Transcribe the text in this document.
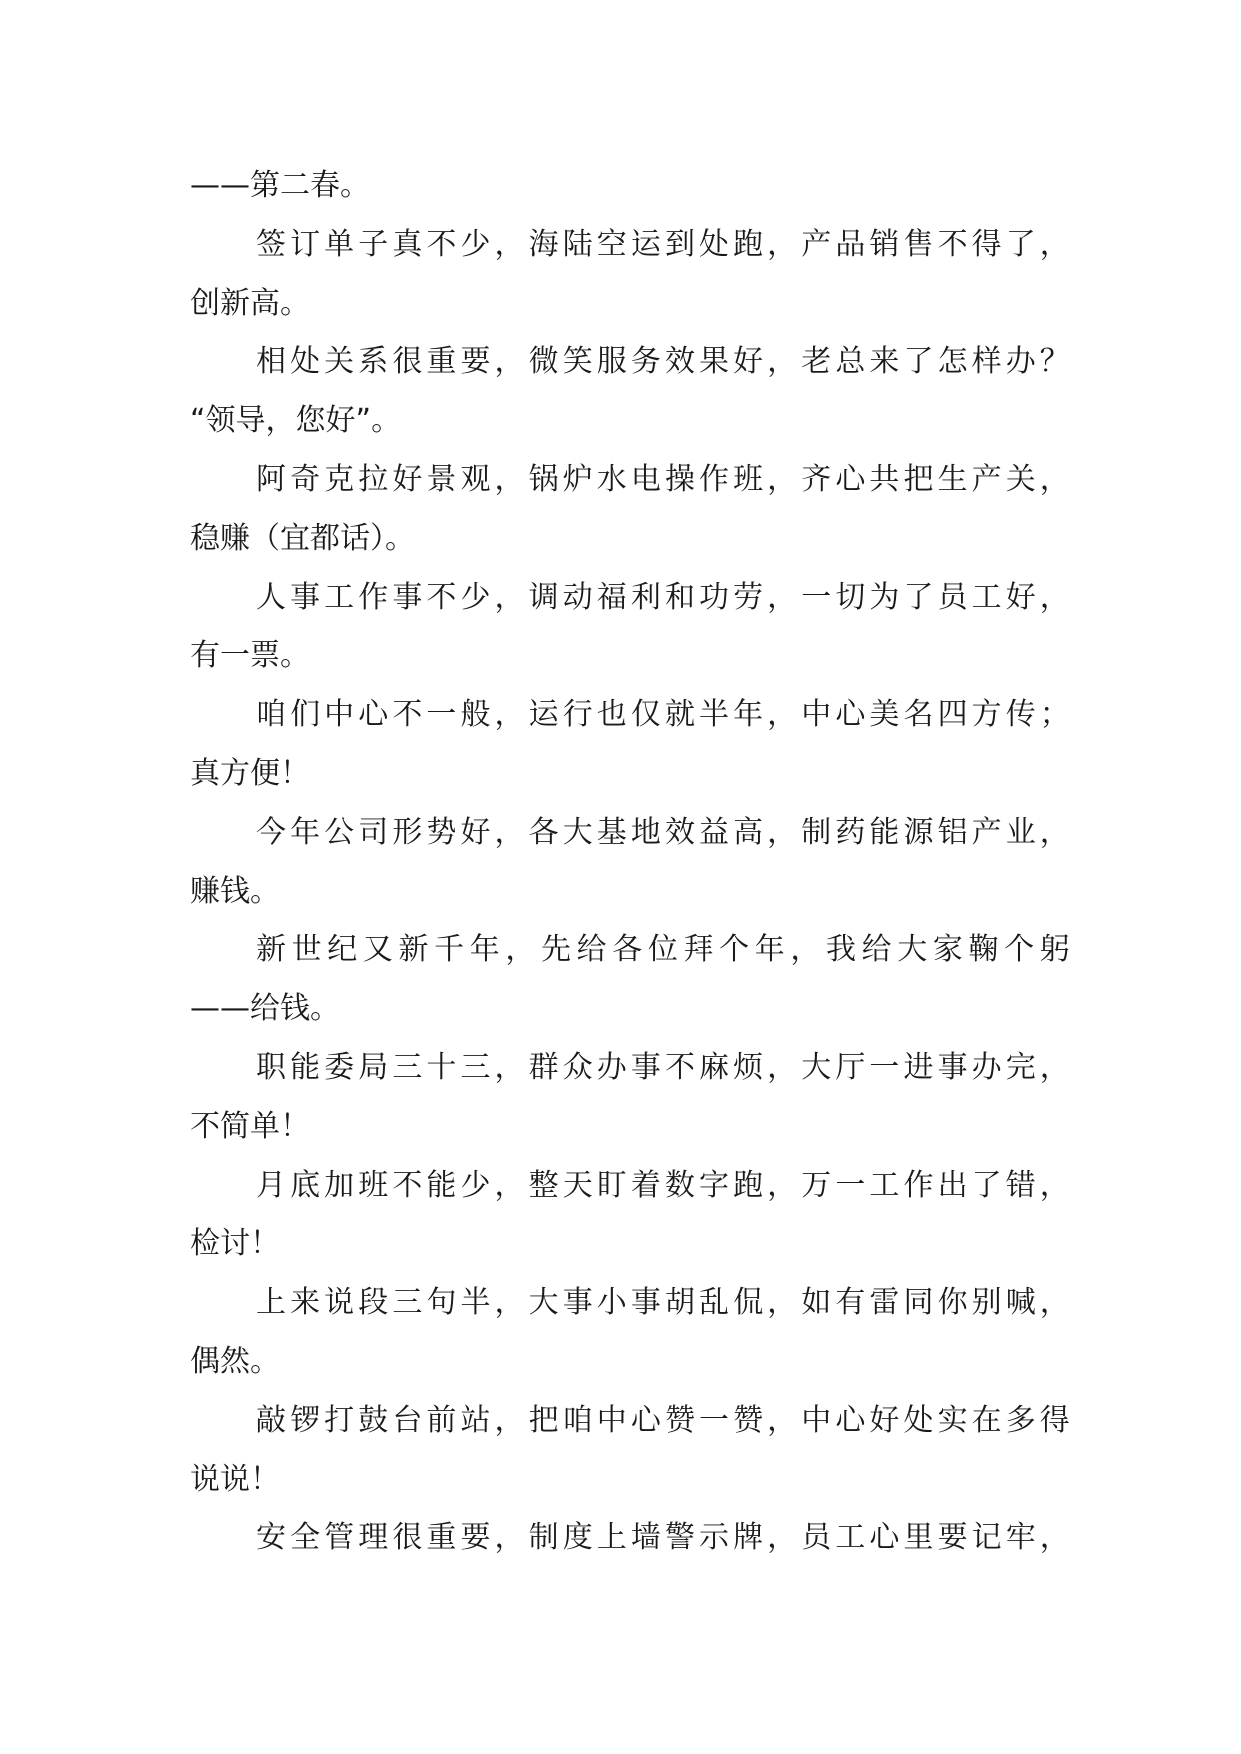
——第二春。
签 订 单 子 真 不 少 ， 海 陆 空 运 到 处 跑 ， 产 品 销 售 不 得 了 ，
创新高。
相 处 关 系 很 重 要 ， 微 笑 服 务 效 果 好 ， 老 总 来 了 怎 样 办 ？
“领导，您好”。
阿 奇 克 拉 好 景 观 ， 锅 炉 水 电 操 作 班 ， 齐 心 共 把 生 产 关 ，
稳赚（宜都话）。
人 事 工 作 事 不 少 ， 调 动 福 利 和 功 劳 ， 一 切 为 了 员 工 好 ，
有一票。
咱 们 中 心 不 一 般 ， 运 行 也 仅 就 半 年 ， 中 心 美 名 四 方 传 ；
真方便！
今 年 公 司 形 势 好 ， 各 大 基 地 效 益 高 ， 制 药 能 源 铝 产 业 ，
赚钱。
新 世 纪 又 新 千 年 ， 先 给 各 位 拜 个 年 ， 我 给 大 家 鞠 个 躬
——给钱。
职 能 委 局 三 十 三 ， 群 众 办 事 不 麻 烦 ， 大 厅 一 进 事 办 完 ，
不简单！
月 底 加 班 不 能 少 ， 整 天 盯 着 数 字 跑 ， 万 一 工 作 出 了 错 ，
检讨！
上 来 说 段 三 句 半 ， 大 事 小 事 胡 乱 侃 ， 如 有 雷 同 你 别 喊 ，
偶然。
敲 锣 打 鼓 台 前 站 ， 把 咱 中 心 赞 一 赞 ， 中 心 好 处 实 在 多 得
说说！
安 全 管 理 很 重 要 ， 制 度 上 墙 警 示 牌 ， 员 工 心 里 要 记 牢 ，
